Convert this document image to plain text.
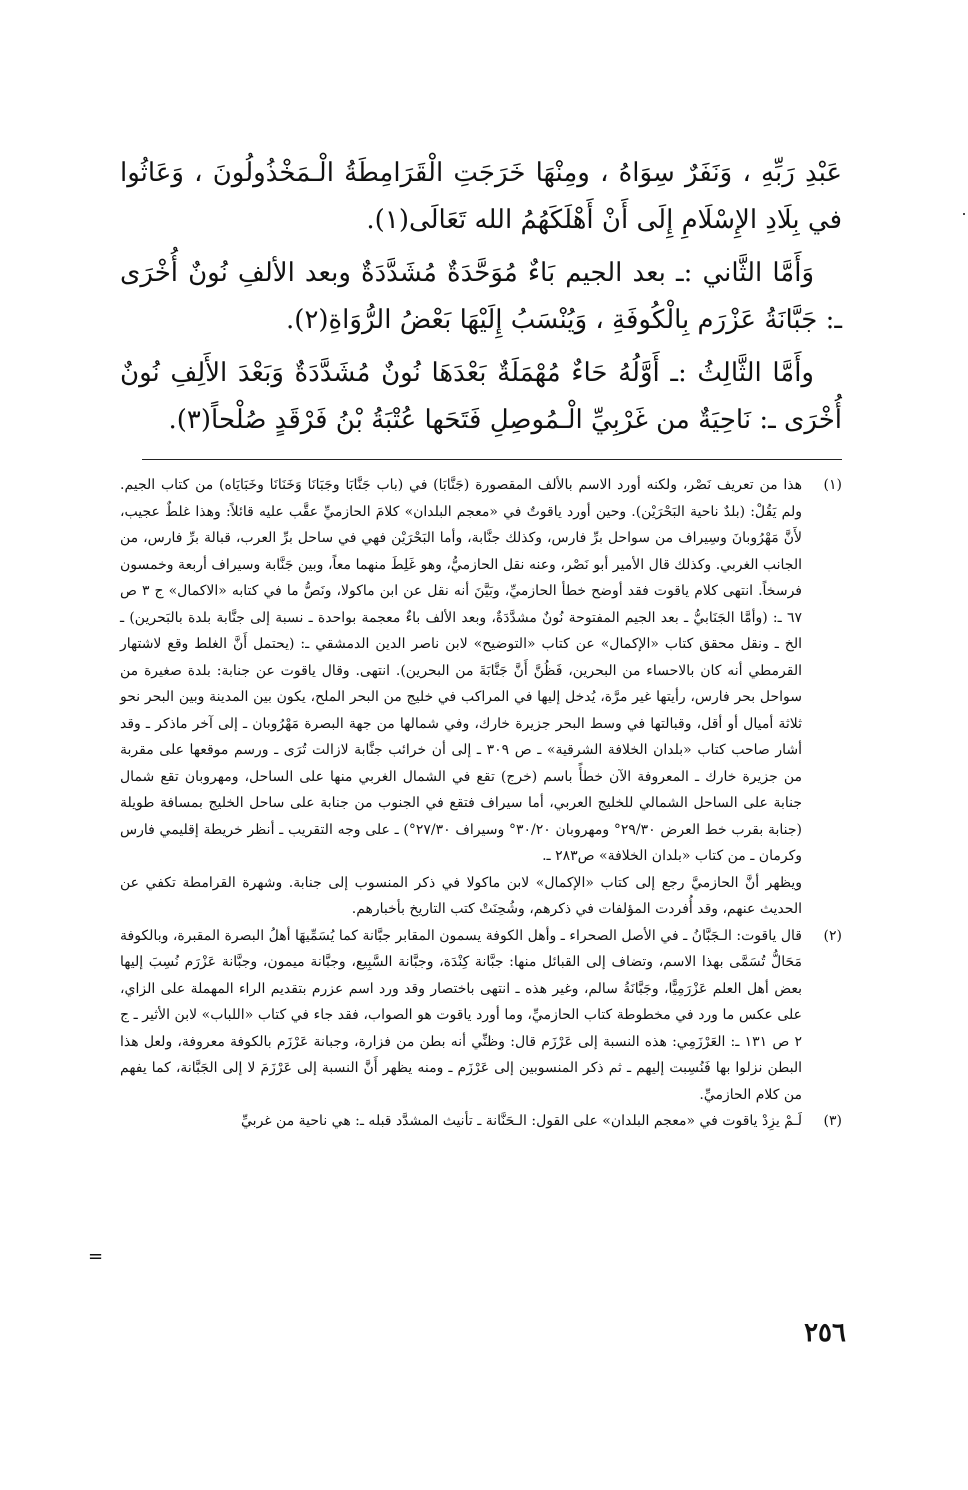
عَبْدِ رَبِّهِ ، وَنَفَرٌ سِوَاهُ ، ومِنْهَا خَرَجَتِ الْقَرَامِطَةُ الْـمَخْذُولُونَ ، وَعَاثُوا في بِلَادِ الإِسْلَامِ إِلَى أَنْ أَهْلَكَهُمُ الله تَعَالَى(١).

وَأَمَّا الثَّاني :ـ بعد الجيم بَاءٌ مُوَحَّدَةٌ مُشَدَّدَةٌ وبعد الألفِ نُونٌ أُخْرَى ـ: جَبَّانَةُ عَزْرَم بِالْكُوفَةِ ، وَيُنْسَبُ إِلَيْهَا بَعْضُ الرُّوَاةِ(٢).

وأَمَّا الثَّالِثُ :ـ أَوَّلُهُ حَاءٌ مُهْمَلَةٌ بَعْدَهَا نُونٌ مُشَدَّدَةٌ وَبَعْدَ الأَلِفِ نُونٌ أُخْرَى ـ: نَاحِيَةٌ من غَرْبِيِّ الْـمُوصِلِ فَتَحَها عُتْبَةُ بْنُ فَرْقَدٍ صُلْحاً(٣).

(١)

هذا من تعريف نَصْر، ولكنه أورد الاسم بالألف المقصورة (جَنَّابَا) في (باب جَنَّابَا وجَبَانَا وَخَنَانَا وخَبَايَاه) من كتاب الجيم. ولم يَقُلْ: (بلدٌ ناحية البَحْرَيْن). وحين أورد ياقوتٌ في «معجم البلدان» كلامَ الحازميِّ عقَّب عليه قائلاً: وهذا غلطٌ عجيب، لأَنَّ مَهْرُوبانَ وسِيراف من سواحل برِّ فارس، وكذلك جنَّابة، وأما البَحْرَيْن فهي في ساحل برِّ العرب، قبالة برِّ فارس، من الجانب الغربي. وكذلك قال الأمير أبو نَصْر، وعنه نقل الحازميُّ، وهو غَلِطَ منهما معاً، وبين جَنَّابة وسيراف أربعة وخمسون فرسخاً. انتهى كلام ياقوت فقد أوضح خطأ الحازميِّ، وبَيَّنَ أنه نقل عن ابن ماكولا، ونَصُّ ما في كتابه «الاكمال» ج ٣ ص ٦٧ ـ: (وأمَّا الجَنَابيُّ ـ بعد الجيم المفتوحة نُونٌ مشدَّدَةٌ، وبعد الألف باءٌ معجمة بواحدة ـ نسبة إلى جنَّابة بلدة بالبَحرين) ـ الخ ـ ونقل محقق كتاب «الإكمال» عن كتاب «التوضيح» لابن ناصر الدين الدمشقي ـ: (يحتمل أَنَّ الغلط وقع لاشتهار القرمطي أنه كان بالاحساء من البحرين، فَظُنَّ أَنَّ جَنَّابَةَ من البحرين). انتهى. وقال ياقوت عن جنابة: بلدة صغيرة من سواحل بحر فارس، رأيتها غير مرَّة، يُدخل إليها في المراكب في خليج من البحر الملح، يكون بين المدينة وبين البحر نحو ثلاثة أميال أو أقل، وقبالتها في وسط البحر جزيرة خارك، وفي شمالها من جهة البصرة مَهْرُوبان ـ إلى آخر ماذكر ـ وقد أشار صاحب كتاب «بلدان الخلافة الشرقية» ـ ص ٣٠٩ ـ إلى أن خرائب جنَّابة لازالت تُرَى ـ ورسم موقعها على مقربة من جزيرة خارك ـ المعروفة الآن خطأً باسم (خرج) تقع في الشمال الغربي منها على الساحل، ومهروبان تقع شمال جنابة على الساحل الشمالي للخليج العربي، أما سيراف فتقع في الجنوب من جنابة على ساحل الخليج بمسافة طويلة (جنابة بقرب خط العرض ٢٩/٣٠° ومهروبان ٣٠/٢٠° وسيراف ٢٧/٣٠°) ـ على وجه التقريب ـ أنظر خريطة إقليمي فارس وكرمان ـ من كتاب «بلدان الخلافة» ص٢٨٣ ـ.

ويظهر أنَّ الحازميَّ رجع إلى كتاب «الإكمال» لابن ماكولا في ذكر المنسوب إلى جنابة. وشهرة القرامطة تكفي عن الحديث عنهم، وقد أُفردت المؤلفات في ذكرهم، وشُحِنَتْ كتب التاريخ بأخبارهم.

(٢)

قال ياقوت: الـجَبَّانُ ـ في الأصل الصحراء ـ وأهل الكوفة يسمون المقابر جبَّانة كما يُسَمِّيهَا أهلُ البصرة المقبرة، وبالكوفة مَحَالُّ تُسَمَّى بهذا الاسم، وتضاف إلى القبائل منها: جبَّانة كِنْدَة، وجبَّانة السَّبِيع، وجبَّانة ميمون، وجبَّانة عَزْرَم نُسِبَ إليها بعض أهل العلم عَزْرَمِيًّا، وجَبَّانَةُ سالم، وغير هذه ـ انتهى باختصار وقد ورد اسم عزرم بتقديم الراء المهملة على الزاي، على عكس ما ورد في مخطوطة كتاب الحازميِّ، وما أورد ياقوت هو الصواب، فقد جاء في كتاب «اللباب» لابن الأثير ـ ج ٢ ص ١٣١ ـ: العَرْزَمِي: هذه النسبة إلى عَرْزَم قال: وظنِّي أنه بطن من فزارة، وجبانة عَرْزَم بالكوفة معروفة، ولعل هذا البطن نزلوا بها فَنُسِبت إليهم ـ ثم ذكر المنسوبين إلى عَرْزَم ـ ومنه يظهر أَنَّ النسبة إلى عَرْزَمَ لا إلى الجَبَّانة، كما يفهم من كلام الحازميِّ.

(٣)

لَـمْ يزِدْ ياقوت في «معجم البلدان» على القول: الـحَنَّانة ـ تأنيث المشدَّد قبله ـ: هي ناحية من غربيِّ

=
٢٥٦
